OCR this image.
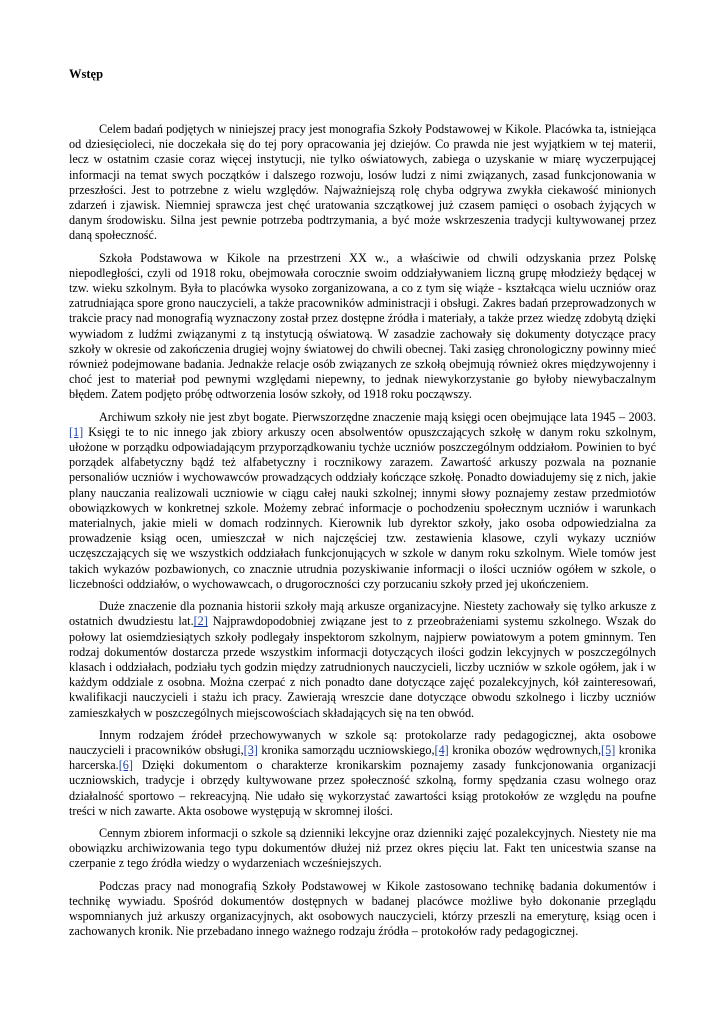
Wstęp

Celem badań podjętych w niniejszej pracy jest monografia Szkoły Podstawowej w Kikole. Placówka ta, istniejąca od dziesięcioleci, nie doczekała się do tej pory opracowania jej dziejów. Co prawda nie jest wyjątkiem w tej materii, lecz w ostatnim czasie coraz więcej instytucji, nie tylko oświatowych, zabiega o uzyskanie w miarę wyczerpującej informacji na temat swych początków i dalszego rozwoju, losów ludzi z nimi związanych, zasad funkcjonowania w przeszłości. Jest to potrzebne z wielu względów. Najważniejszą rolę chyba odgrywa zwykła ciekawość minionych zdarzeń i zjawisk. Niemniej sprawcza jest chęć uratowania szczątkowej już czasem pamięci o osobach żyjących w danym środowisku. Silna jest pewnie potrzeba podtrzymania, a być może wskrzeszenia tradycji kultywowanej przez daną społeczność.

Szkoła Podstawowa w Kikole na przestrzeni XX w., a właściwie od chwili odzyskania przez Polskę niepodległości, czyli od 1918 roku, obejmowała corocznie swoim oddziaływaniem liczną grupę młodzieży będącej w tzw. wieku szkolnym. Była to placówka wysoko zorganizowana, a co z tym się wiąże - kształcąca wielu uczniów oraz zatrudniająca spore grono nauczycieli, a także pracowników administracji i obsługi. Zakres badań przeprowadzonych w trakcie pracy nad monografią wyznaczony został przez dostępne źródła i materiały, a także przez wiedzę zdobytą dzięki wywiadom z ludźmi związanymi z tą instytucją oświatową. W zasadzie zachowały się dokumenty dotyczące pracy szkoły w okresie od zakończenia drugiej wojny światowej do chwili obecnej. Taki zasięg chronologiczny powinny mieć również podejmowane badania. Jednakże relacje osób związanych ze szkołą obejmują również okres międzywojenny i choć jest to materiał pod pewnymi względami niepewny, to jednak niewykorzystanie go byłoby niewybaczalnym błędem. Zatem podjęto próbę odtworzenia losów szkoły, od 1918 roku począwszy.

Archiwum szkoły nie jest zbyt bogate. Pierwszorzędne znaczenie mają księgi ocen obejmujące lata 1945 – 2003.[1] Księgi te to nic innego jak zbiory arkuszy ocen absolwentów opuszczających szkołę w danym roku szkolnym, ułożone w porządku odpowiadającym przyporządkowaniu tychże uczniów poszczególnym oddziałom. Powinien to być porządek alfabetyczny bądź też alfabetyczny i rocznikowy zarazem. Zawartość arkuszy pozwala na poznanie personaliów uczniów i wychowawców prowadzących oddziały kończące szkołę. Ponadto dowiadujemy się z nich, jakie plany nauczania realizowali uczniowie w ciągu całej nauki szkolnej; innymi słowy poznajemy zestaw przedmiotów obowiązkowych w konkretnej szkole. Możemy zebrać informacje o pochodzeniu społecznym uczniów i warunkach materialnych, jakie mieli w domach rodzinnych. Kierownik lub dyrektor szkoły, jako osoba odpowiedzialna za prowadzenie ksiąg ocen, umieszczał w nich najczęściej tzw. zestawienia klasowe, czyli wykazy uczniów uczęszczających się we wszystkich oddziałach funkcjonujących w szkole w danym roku szkolnym. Wiele tomów jest takich wykazów pozbawionych, co znacznie utrudnia pozyskiwanie informacji o ilości uczniów ogółem w szkole, o liczebności oddziałów, o wychowawcach, o drugoroczności czy porzucaniu szkoły przed jej ukończeniem.

Duże znaczenie dla poznania historii szkoły mają arkusze organizacyjne. Niestety zachowały się tylko arkusze z ostatnich dwudziestu lat.[2] Najprawdopodobniej związane jest to z przeobrażeniami systemu szkolnego. Wszak do połowy lat osiemdziesiątych szkoły podlegały inspektorom szkolnym, najpierw powiatowym a potem gminnym. Ten rodzaj dokumentów dostarcza przede wszystkim informacji dotyczących ilości godzin lekcyjnych w poszczególnych klasach i oddziałach, podziału tych godzin między zatrudnionych nauczycieli, liczby uczniów w szkole ogółem, jak i w każdym oddziale z osobna. Można czerpać z nich ponadto dane dotyczące zajęć pozalekcyjnych, kół zainteresowań, kwalifikacji nauczycieli i stażu ich pracy. Zawierają wreszcie dane dotyczące obwodu szkolnego i liczby uczniów zamieszkałych w poszczególnych miejscowościach składających się na ten obwód.

Innym rodzajem źródeł przechowywanych w szkole są: protokolarze rady pedagogicznej, akta osobowe nauczycieli i pracowników obsługi,[3] kronika samorządu uczniowskiego,[4] kronika obozów wędrownych,[5] kronika harcerska.[6] Dzięki dokumentom o charakterze kronikarskim poznajemy zasady funkcjonowania organizacji uczniowskich, tradycje i obrzędy kultywowane przez społeczność szkolną, formy spędzania czasu wolnego oraz działalność sportowo – rekreacyjną. Nie udało się wykorzystać zawartości ksiąg protokołów ze względu na poufne treści w nich zawarte. Akta osobowe występują w skromnej ilości.

Cennym zbiorem informacji o szkole są dzienniki lekcyjne oraz dzienniki zajęć pozalekcyjnych. Niestety nie ma obowiązku archiwizowania tego typu dokumentów dłużej niż przez okres pięciu lat. Fakt ten unicestwia szanse na czerpanie z tego źródła wiedzy o wydarzeniach wcześniejszych.

Podczas pracy nad monografią Szkoły Podstawowej w Kikole zastosowano technikę badania dokumentów i technikę wywiadu. Spośród dokumentów dostępnych w badanej placówce możliwe było dokonanie przeglądu wspomnianych już arkuszy organizacyjnych, akt osobowych nauczycieli, którzy przeszli na emeryturę, ksiąg ocen i zachowanych kronik. Nie przebadano innego ważnego rodzaju źródła – protokołów rady pedagogicznej.
